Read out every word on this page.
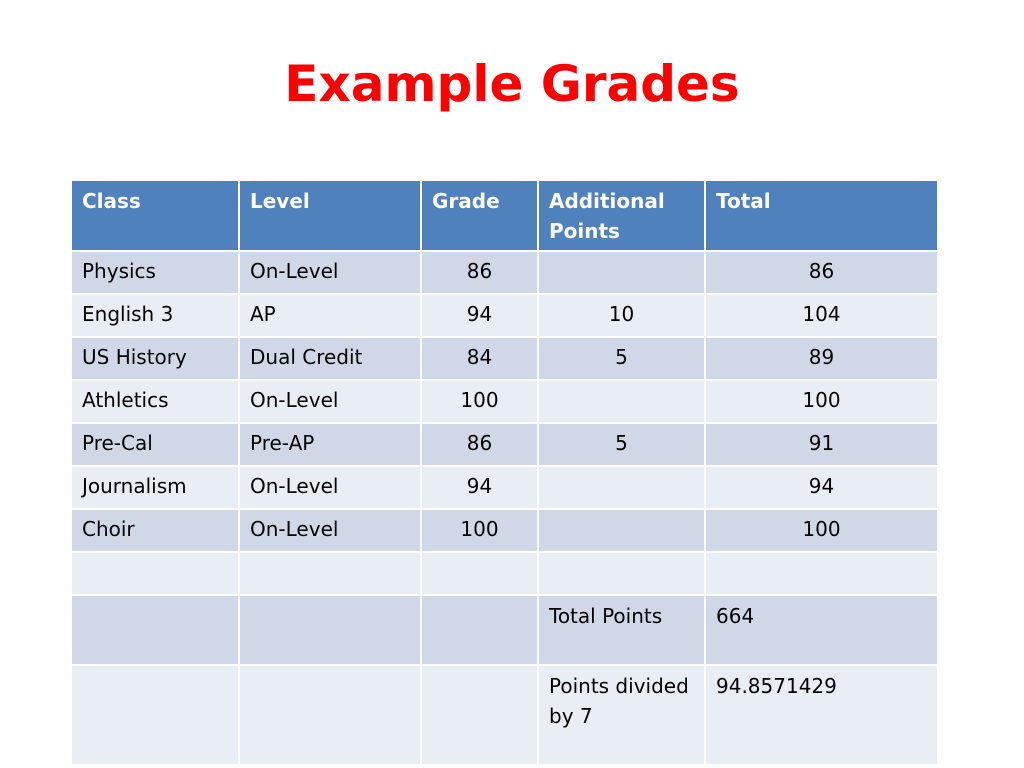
Example Grades
Class	Level	Grade	Additional Points	Total
Physics	On-Level	86		86
English 3	AP	94	10	104
US History	Dual Credit	84	5	89
Athletics	On-Level	100		100
Pre-Cal	Pre-AP	86	5	91
Journalism	On-Level	94		94
Choir	On-Level	100		100

			Total Points	664
			Points divided by 7	94.8571429
